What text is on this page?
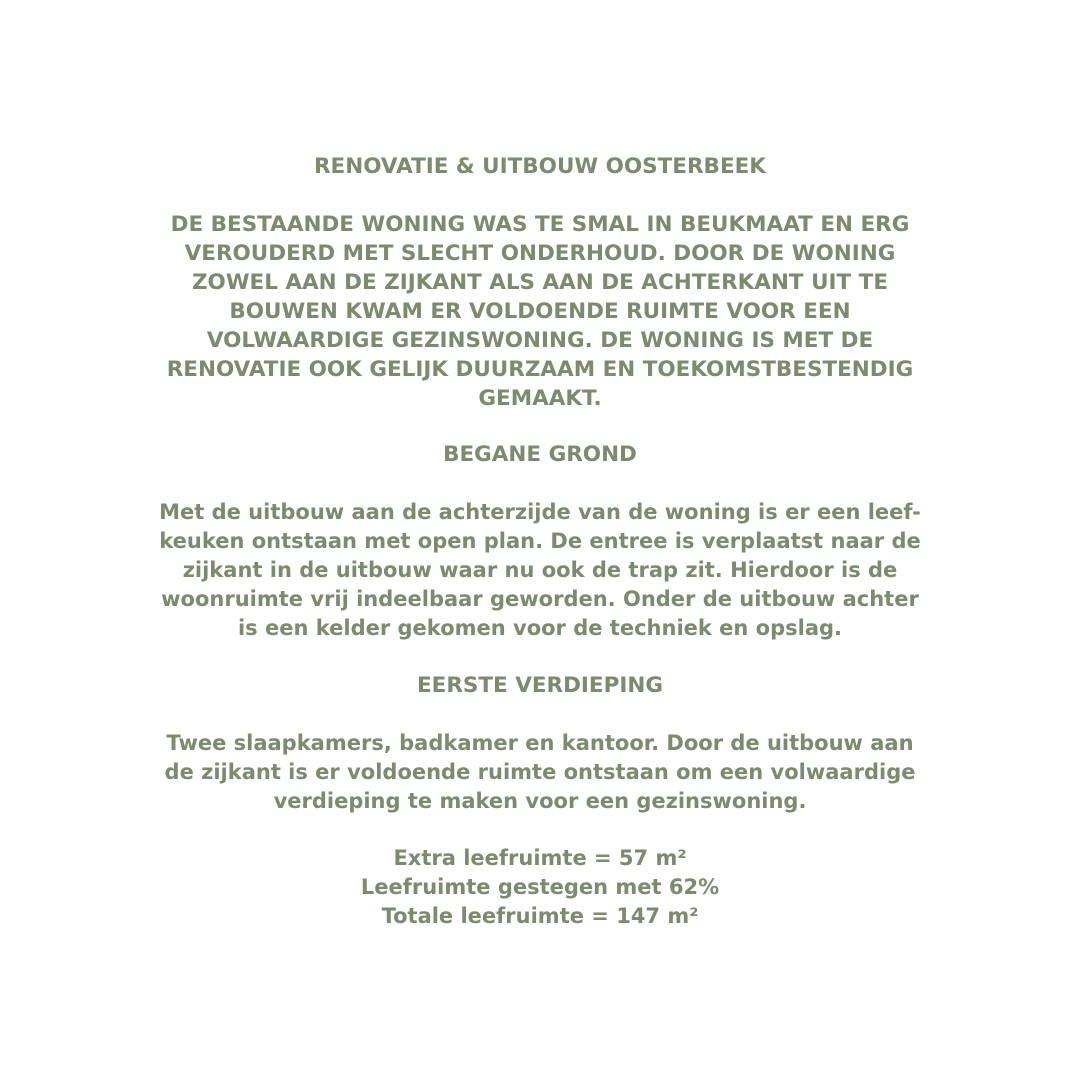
RENOVATIE & UITBOUW OOSTERBEEK
DE BESTAANDE WONING WAS TE SMAL IN BEUKMAAT EN ERG
VEROUDERD MET SLECHT ONDERHOUD. DOOR DE WONING
ZOWEL AAN DE ZIJKANT ALS AAN DE ACHTERKANT UIT TE
BOUWEN KWAM ER VOLDOENDE RUIMTE VOOR EEN
VOLWAARDIGE GEZINSWONING. DE WONING IS MET DE
RENOVATIE OOK GELIJK DUURZAAM EN TOEKOMSTBESTENDIG
GEMAAKT.
BEGANE GROND
Met de uitbouw aan de achterzijde van de woning is er een leef-
keuken ontstaan met open plan. De entree is verplaatst naar de
zijkant in de uitbouw waar nu ook de trap zit. Hierdoor is de
woonruimte vrij indeelbaar geworden. Onder de uitbouw achter
is een kelder gekomen voor de techniek en opslag.
EERSTE VERDIEPING
Twee slaapkamers, badkamer en kantoor. Door de uitbouw aan
de zijkant is er voldoende ruimte ontstaan om een volwaardige
verdieping te maken voor een gezinswoning.
Extra leefruimte = 57 m²
Leefruimte gestegen met 62%
Totale leefruimte = 147 m²
